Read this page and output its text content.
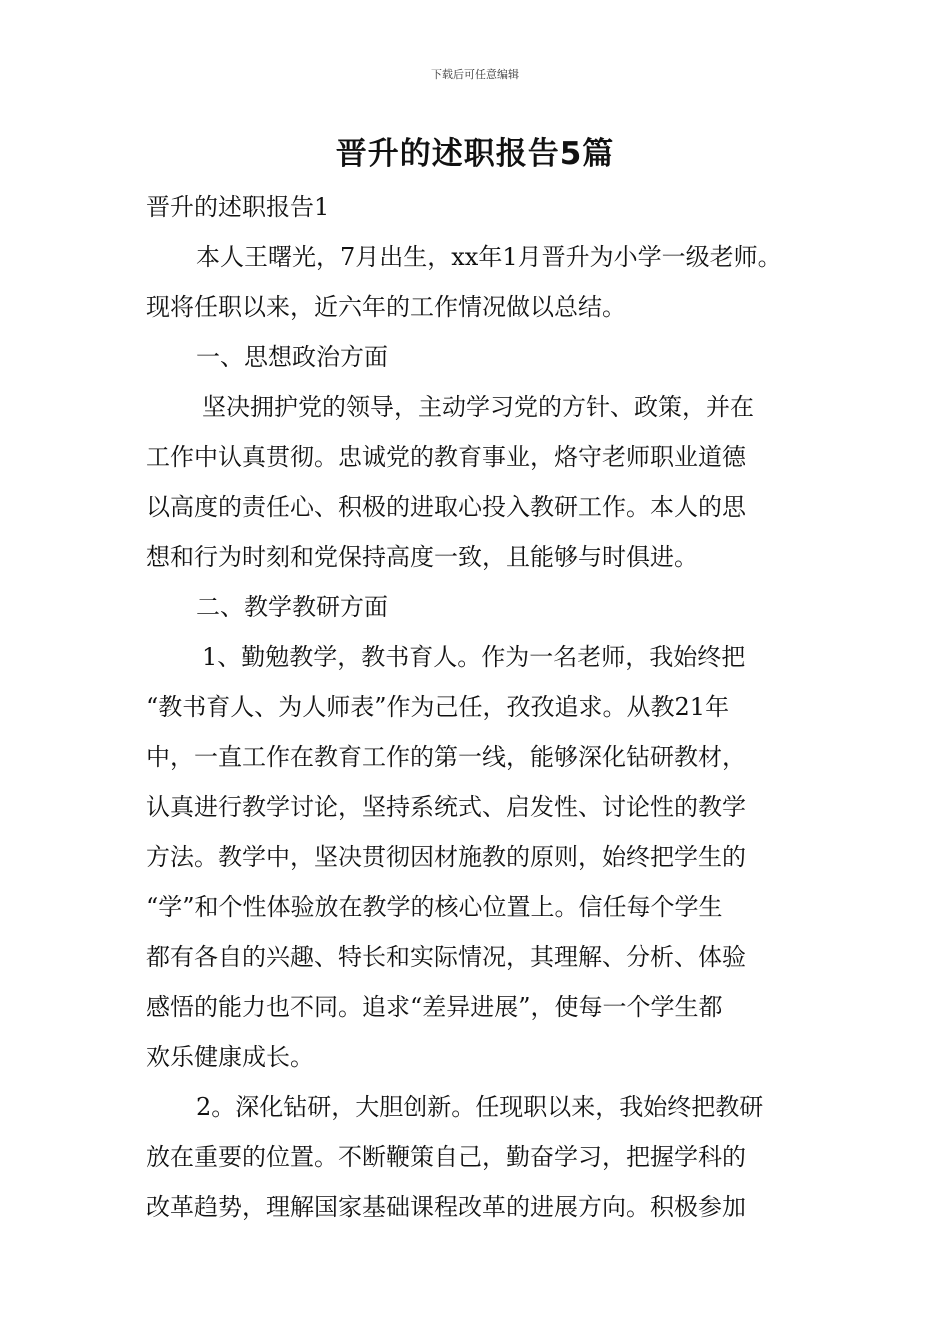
下载后可任意编辑
晋升的述职报告5篇
晋升的述职报告1
本人王曙光，7月出生，xx年1月晋升为小学一级老师。
现将任职以来，近六年的工作情况做以总结。
一、思想政治方面
坚决拥护党的领导，主动学习党的方针、政策，并在
工作中认真贯彻。忠诚党的教育事业，烙守老师职业道德
以高度的责任心、积极的进取心投入教研工作。本人的思
想和行为时刻和党保持高度一致，且能够与时俱进。
二、教学教研方面
1、勤勉教学，教书育人。作为一名老师，我始终把
“教书育人、为人师表”作为己任，孜孜追求。从教21年
中，一直工作在教育工作的第一线，能够深化钻研教材，
认真进行教学讨论，坚持系统式、启发性、讨论性的教学
方法。教学中，坚决贯彻因材施教的原则，始终把学生的
“学”和个性体验放在教学的核心位置上。信任每个学生
都有各自的兴趣、特长和实际情况，其理解、分析、体验
感悟的能力也不同。追求“差异进展”，使每一个学生都
欢乐健康成长。
2。深化钻研，大胆创新。任现职以来，我始终把教研
放在重要的位置。不断鞭策自己，勤奋学习，把握学科的
改革趋势，理解国家基础课程改革的进展方向。积极参加
